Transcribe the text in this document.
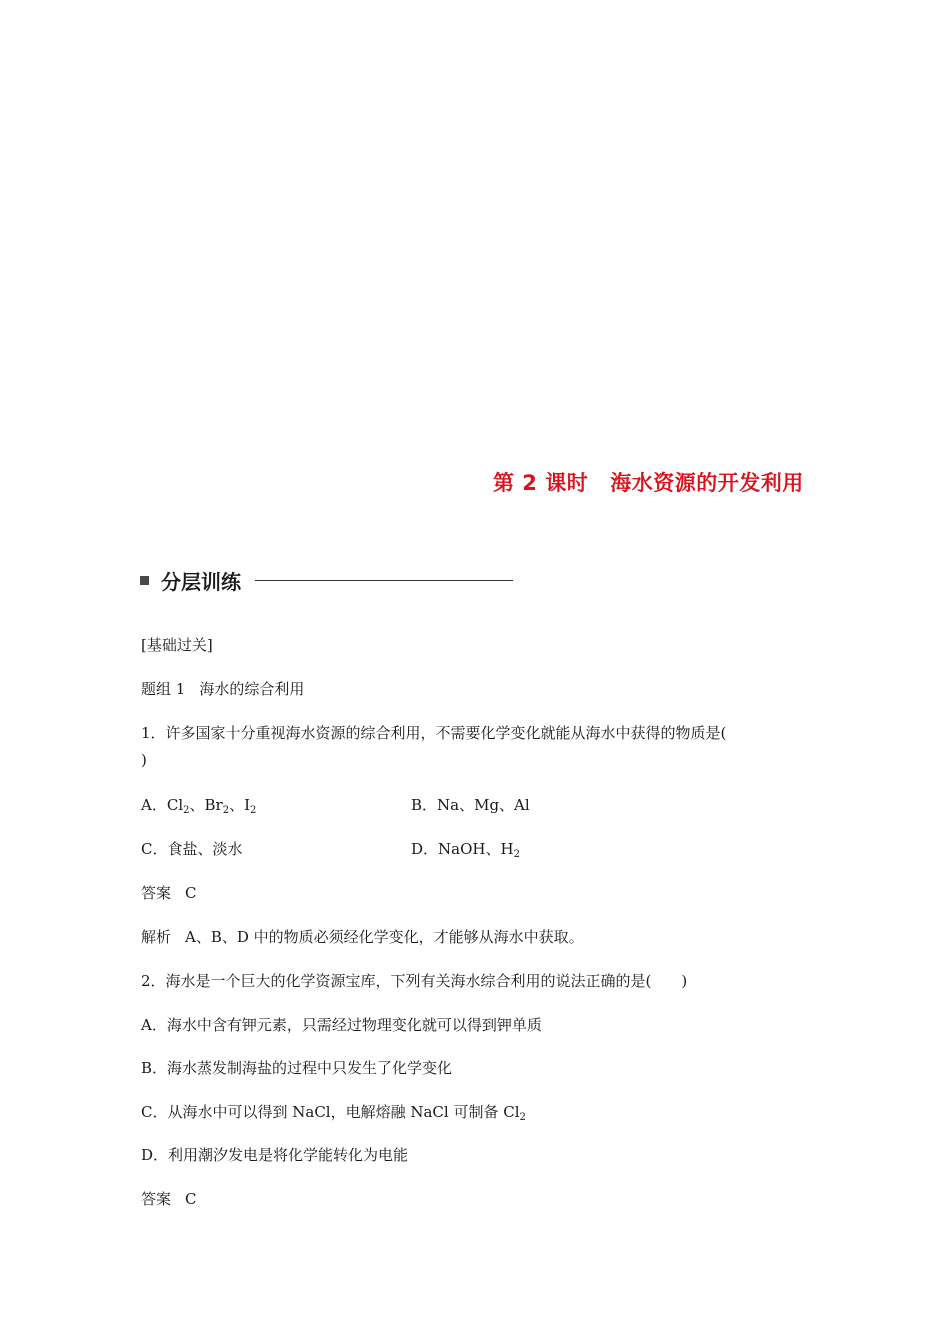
第 2 课时 海水资源的开发利用
分层训练
[基础过关]
题组 1 海水的综合利用
1．许多国家十分重视海水资源的综合利用，不需要化学变化就能从海水中获得的物质是(
)
A．$Cl_2$、$Br_2$、$I_2$	B．Na、Mg、Al
C．食盐、淡水	D．NaOH、$H_2$
答案 C
解析 A、B、D 中的物质必须经化学变化，才能够从海水中获取。
2．海水是一个巨大的化学资源宝库，下列有关海水综合利用的说法正确的是(　　)
A．海水中含有钾元素，只需经过物理变化就可以得到钾单质
B．海水蒸发制海盐的过程中只发生了化学变化
C．从海水中可以得到 NaCl，电解熔融 NaCl 可制备 $Cl_2$
D．利用潮汐发电是将化学能转化为电能
答案 C
